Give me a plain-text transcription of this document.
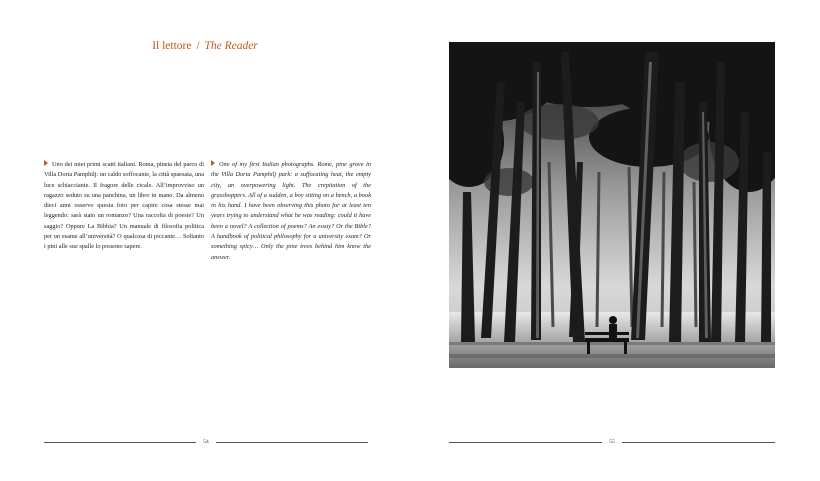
Il lettore / The Reader
Uno dei miei primi scatti italiani. Roma, pineta del parco di Villa Doria Pamphilj: un caldo soffocante, la città spaesata, una luce schiacciante. Il fragore delle cicale. All’improvviso un ragazzo seduto su una panchina, un libro in mano. Da almeno dieci anni osservo questa foto per capire cosa stesse mai leggendo: sarà stato un romanzo? Una raccolta di poesie? Un saggio? Oppure La Bibbia? Un manuale di filosofia politica per un esame all’università? O qualcosa di piccante… Soltanto i pini alle sue spalle lo possono sapere.
One of my first Italian photographs. Rome, pine grove in the Villa Doria Pamphilj park: a suffocating heat, the empty city, an overpowering light. The crepitation of the grasshoppers. All of a sudden, a boy sitting on a bench, a book in his hand. I have been observing this photo for at least ten years trying to understand what he was reading: could it have been a novel? A collection of poems? An essay? Or the Bible? A handbook of political philosophy for a university exam? Or something spicy… Only the pine trees behind him know the answer.
54	55
